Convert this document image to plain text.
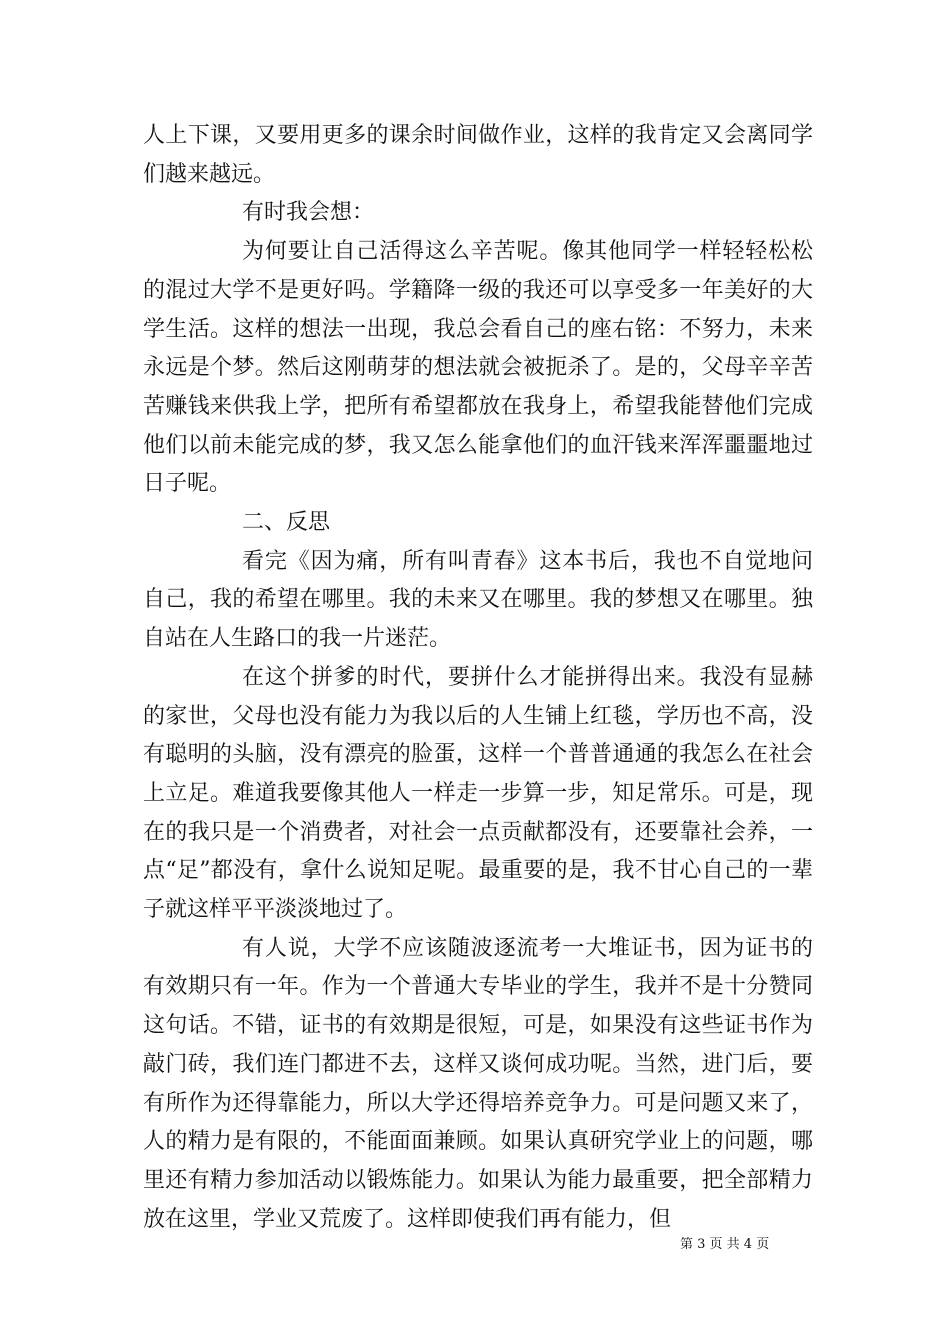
人上下课，又要用更多的课余时间做作业，这样的我肯定又会离同学们越来越远。

有时我会想：

为何要让自己活得这么辛苦呢。像其他同学一样轻轻松松的混过大学不是更好吗。学籍降一级的我还可以享受多一年美好的大学生活。这样的想法一出现，我总会看自己的座右铭：不努力，未来永远是个梦。然后这刚萌芽的想法就会被扼杀了。是的，父母辛辛苦苦赚钱来供我上学，把所有希望都放在我身上，希望我能替他们完成他们以前未能完成的梦，我又怎么能拿他们的血汗钱来浑浑噩噩地过日子呢。

二、反思

看完《因为痛，所有叫青春》这本书后，我也不自觉地问自己，我的希望在哪里。我的未来又在哪里。我的梦想又在哪里。独自站在人生路口的我一片迷茫。

在这个拼爹的时代，要拼什么才能拼得出来。我没有显赫的家世，父母也没有能力为我以后的人生铺上红毯，学历也不高，没有聪明的头脑，没有漂亮的脸蛋，这样一个普普通通的我怎么在社会上立足。难道我要像其他人一样走一步算一步，知足常乐。可是，现在的我只是一个消费者，对社会一点贡献都没有，还要靠社会养，一点“足”都没有，拿什么说知足呢。最重要的是，我不甘心自己的一辈子就这样平平淡淡地过了。

有人说，大学不应该随波逐流考一大堆证书，因为证书的有效期只有一年。作为一个普通大专毕业的学生，我并不是十分赞同这句话。不错，证书的有效期是很短，可是，如果没有这些证书作为敲门砖，我们连门都进不去，这样又谈何成功呢。当然，进门后，要有所作为还得靠能力，所以大学还得培养竞争力。可是问题又来了，人的精力是有限的，不能面面兼顾。如果认真研究学业上的问题，哪里还有精力参加活动以锻炼能力。如果认为能力最重要，把全部精力放在这里，学业又荒废了。这样即使我们再有能力，但

第 3 页 共 4 页
